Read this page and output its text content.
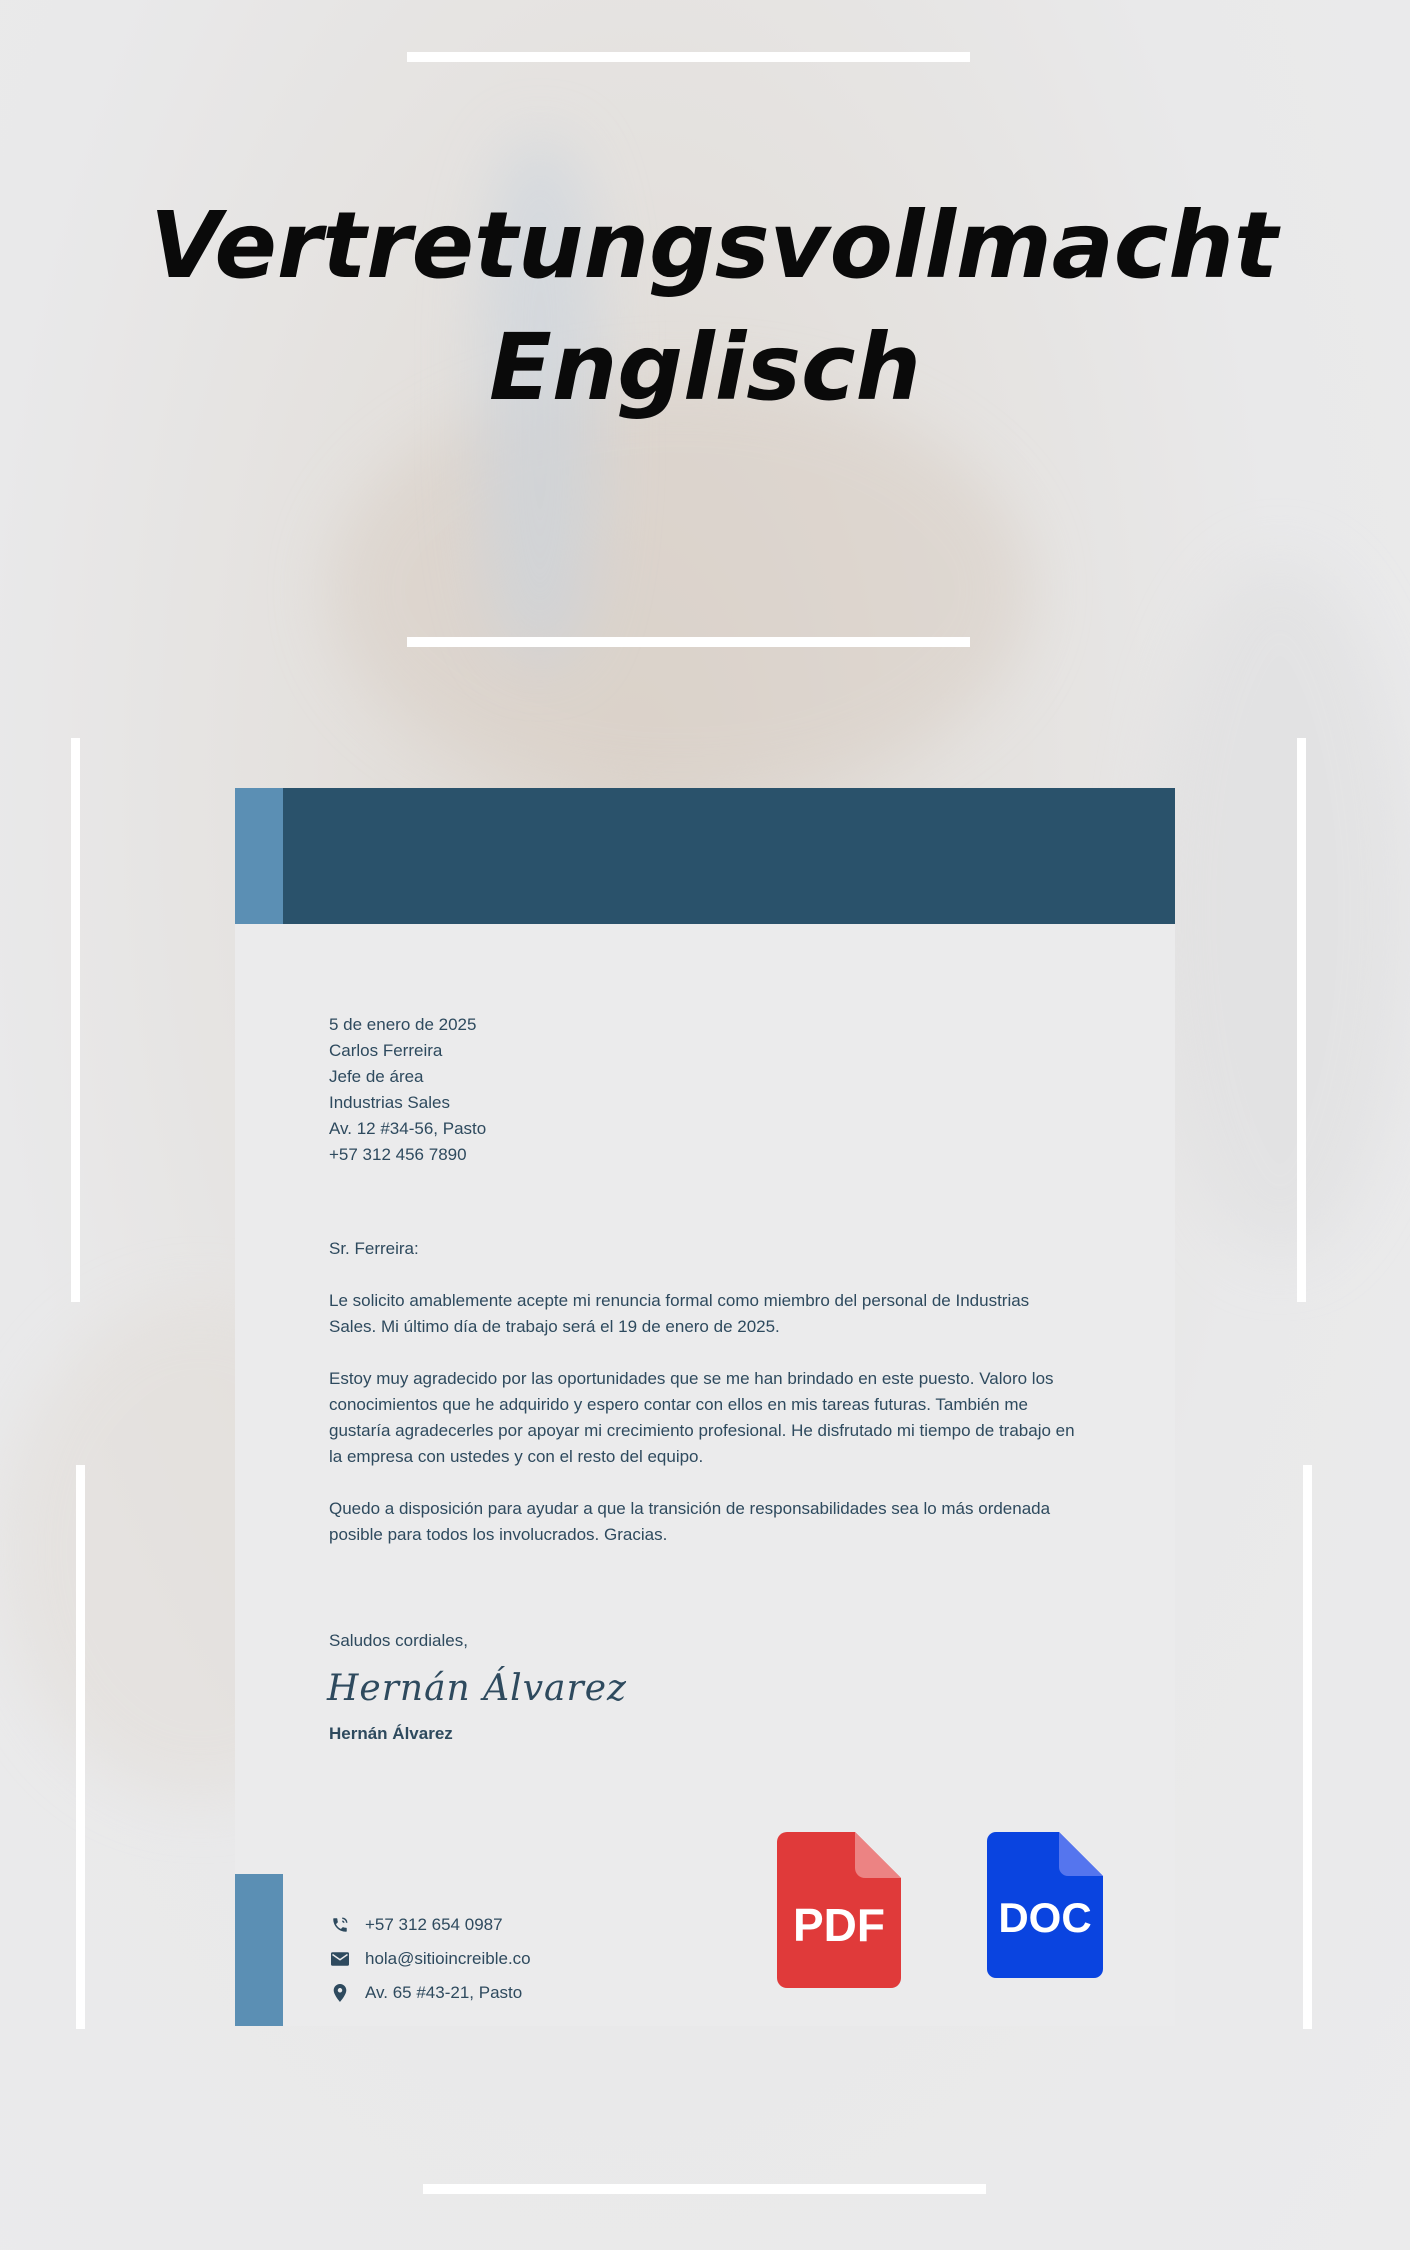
Vertretungsvollmacht
Englisch
5 de enero de 2025
Carlos Ferreira
Jefe de área
Industrias Sales
Av. 12 #34-56, Pasto
+57 312 456 7890

Sr. Ferreira:

Le solicito amablemente acepte mi renuncia formal como miembro del personal de Industrias Sales. Mi último día de trabajo será el 19 de enero de 2025.

Estoy muy agradecido por las oportunidades que se me han brindado en este puesto. Valoro los conocimientos que he adquirido y espero contar con ellos en mis tareas futuras. También me gustaría agradecerles por apoyar mi crecimiento profesional. He disfrutado mi tiempo de trabajo en la empresa con ustedes y con el resto del equipo.

Quedo a disposición para ayudar a que la transición de responsabilidades sea lo más ordenada posible para todos los involucrados. Gracias.

Saludos cordiales,
Hernán Álvarez
Hernán Álvarez
+57 312 654 0987
hola@sitioincreible.co
Av. 65 #43-21, Pasto
PDF	DOC
